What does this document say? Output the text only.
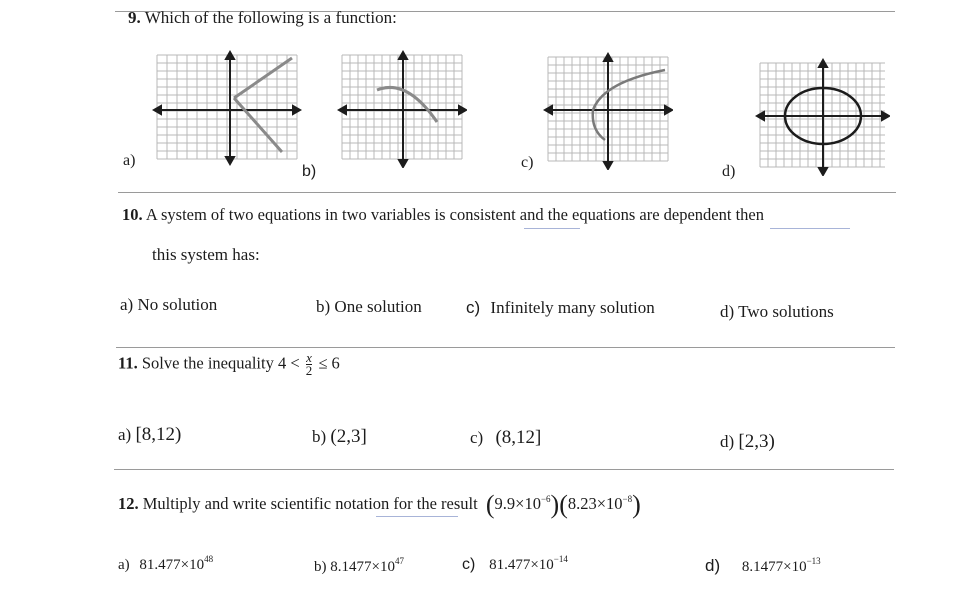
9. Which of the following is a function:
a)
b)
c)
d)
10. A system of two equations in two variables is consistent and the equations are dependent then
this system has:
a) No solution	b) One solution	c) Infinitely many solution	d) Two solutions
11. Solve the inequality $4 < \frac{x}{2} \le 6$
a) [8,12)	b) (2,3]	c) (8,12]	d) [2,3)
12. Multiply and write scientific notation for the result $(9.9\times 10^{-6})(8.23\times 10^{-8})$
a) $81.477\times 10^{48}$	b) $8.1477\times 10^{47}$	c) $81.477\times 10^{-14}$	d) $8.1477\times 10^{-13}$
